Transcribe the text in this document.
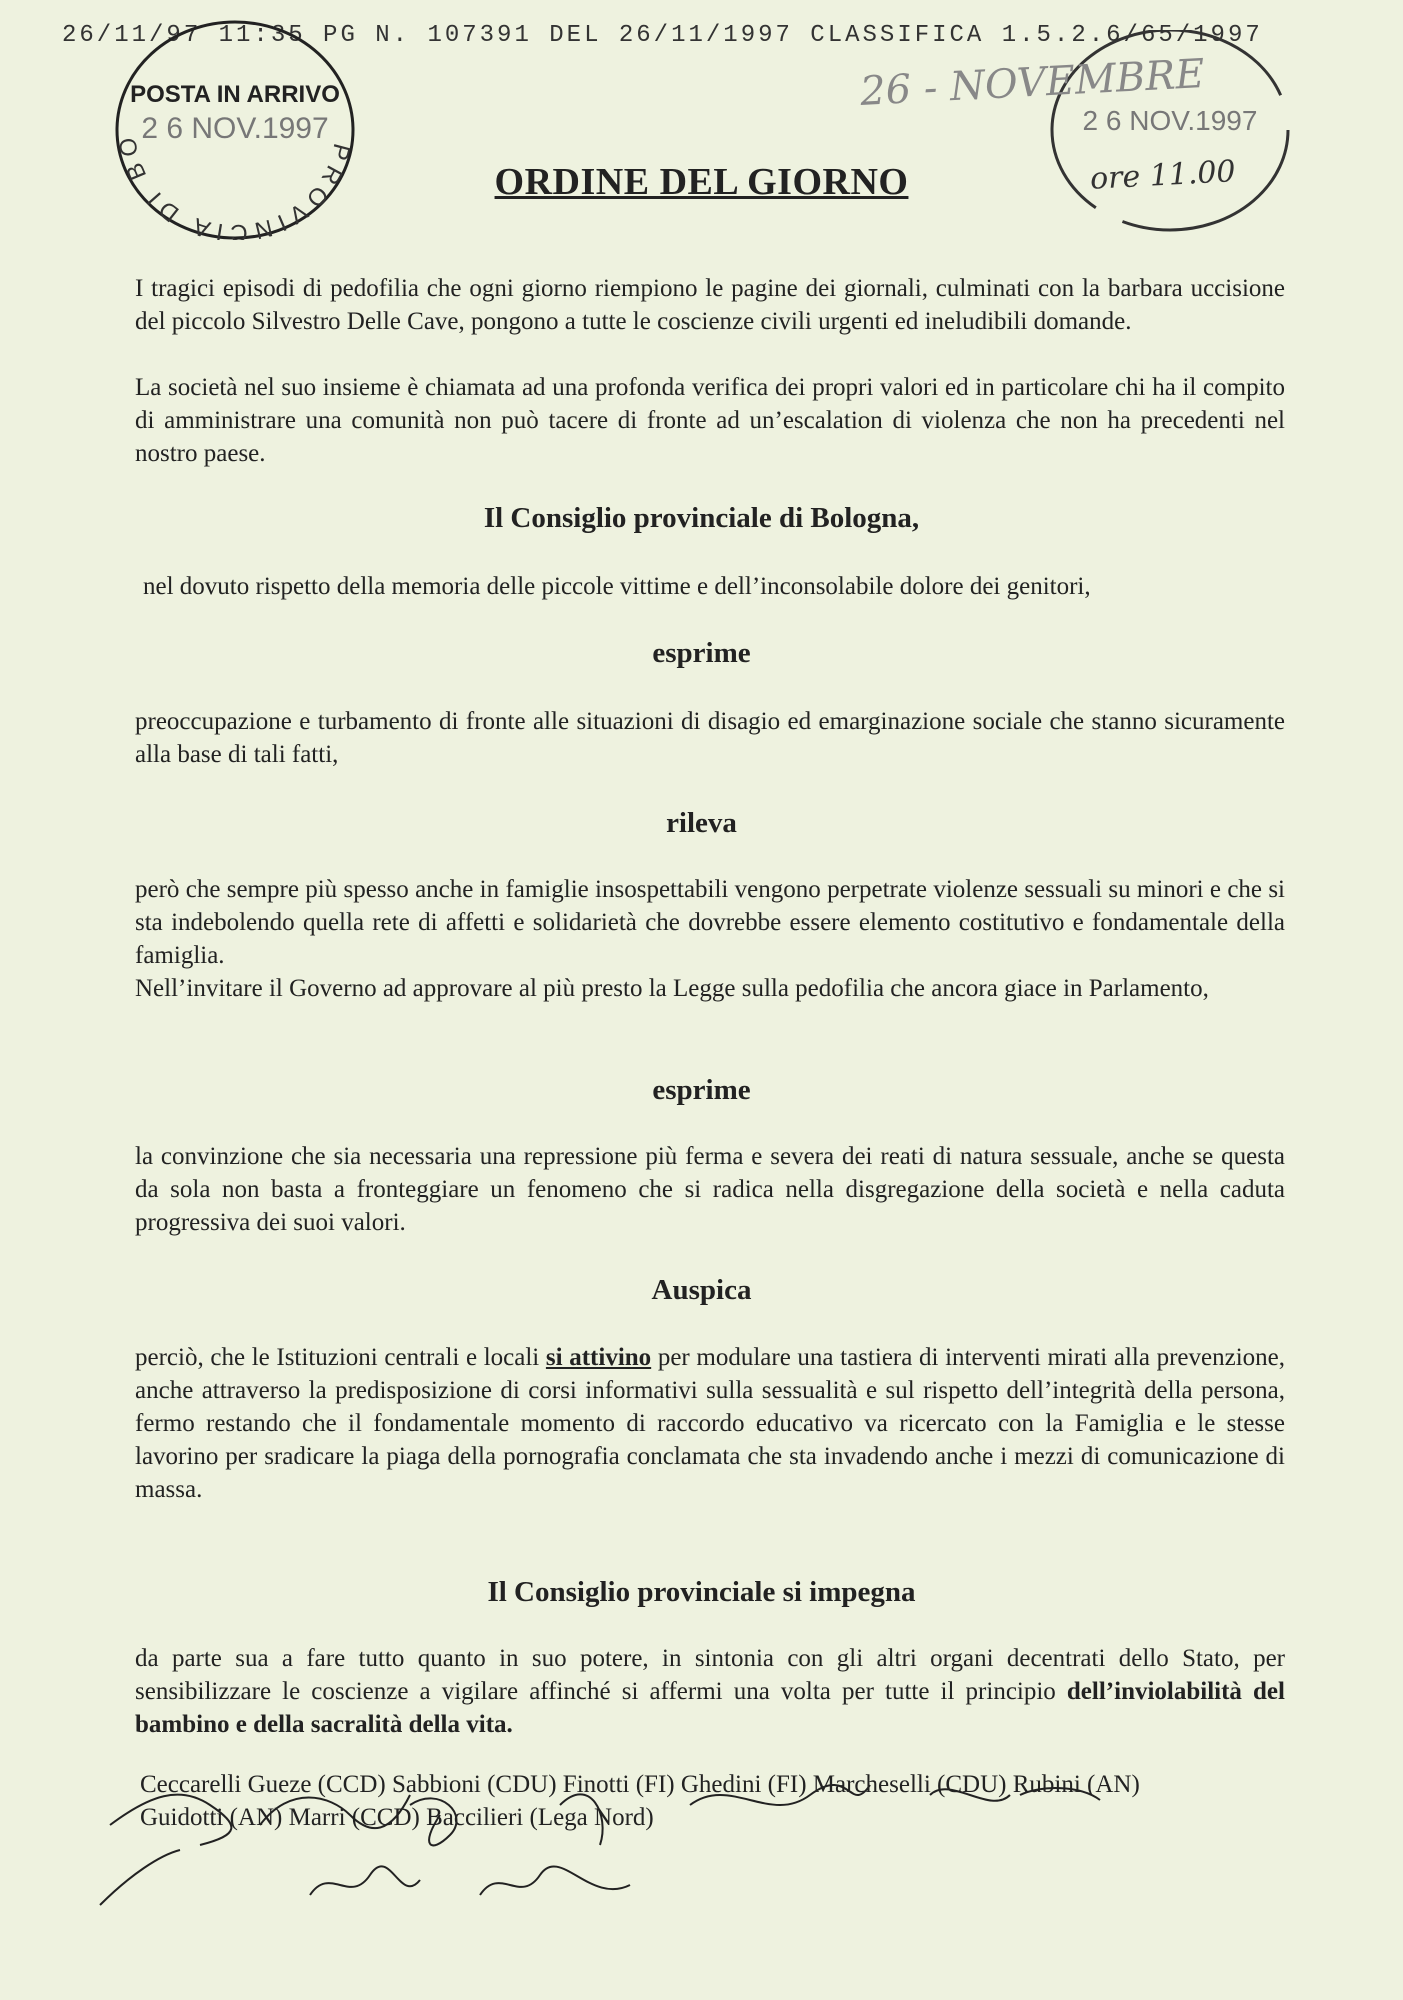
26/11/97 11:35 PG N. 107391 DEL 26/11/1997 CLASSIFICA 1.5.2.6/65/1997
PROVINCIA DI BO
POSTA IN ARRIVO
2 6 NOV.1997	2 6 NOV.1997
26 - NOVEMBRE
ore 11.00
ORDINE DEL GIORNO
I tragici episodi di pedofilia che ogni giorno riempiono le pagine dei giornali, culminati con la barbara uccisione del piccolo Silvestro Delle Cave, pongono a tutte le coscienze civili urgenti ed ineludibili domande.
La società nel suo insieme è chiamata ad una profonda verifica dei propri valori ed in particolare chi ha il compito di amministrare una comunità non può tacere di fronte ad un’escalation di violenza che non ha precedenti nel nostro paese.
Il Consiglio provinciale di Bologna,
nel dovuto rispetto della memoria delle piccole vittime e dell’inconsolabile dolore dei genitori,
esprime
preoccupazione e turbamento di fronte alle situazioni di disagio ed emarginazione sociale che stanno sicuramente alla base di tali fatti,
rileva
però che sempre più spesso anche in famiglie insospettabili vengono perpetrate violenze sessuali su minori e che si sta indebolendo quella rete di affetti e solidarietà che dovrebbe essere elemento costitutivo e fondamentale della famiglia.
Nell’invitare il Governo ad approvare al più presto la Legge sulla pedofilia che ancora giace in Parlamento,
esprime
la convinzione che sia necessaria una repressione più ferma e severa dei reati di natura sessuale, anche se questa da sola non basta a fronteggiare un fenomeno che si radica nella disgregazione della società e nella caduta progressiva dei suoi valori.
Auspica
perciò, che le Istituzioni centrali e locali si attivino per modulare una tastiera di interventi mirati alla prevenzione, anche attraverso la predisposizione di corsi informativi sulla sessualità e sul rispetto dell’integrità della persona, fermo restando che il fondamentale momento di raccordo educativo va ricercato con la Famiglia e le stesse lavorino per sradicare la piaga della pornografia conclamata che sta invadendo anche i mezzi di comunicazione di massa.
Il Consiglio provinciale si impegna
da parte sua a fare tutto quanto in suo potere, in sintonia con gli altri organi decentrati dello Stato, per sensibilizzare le coscienze a vigilare affinché si affermi una volta per tutte il principio dell’inviolabilità del bambino e della sacralità della vita.
Ceccarelli Gueze (CCD) Sabbioni (CDU) Finotti (FI) Ghedini (FI) Marcheselli (CDU) Rubini (AN)
Guidotti (AN) Marri (CCD) Baccilieri (Lega Nord)
